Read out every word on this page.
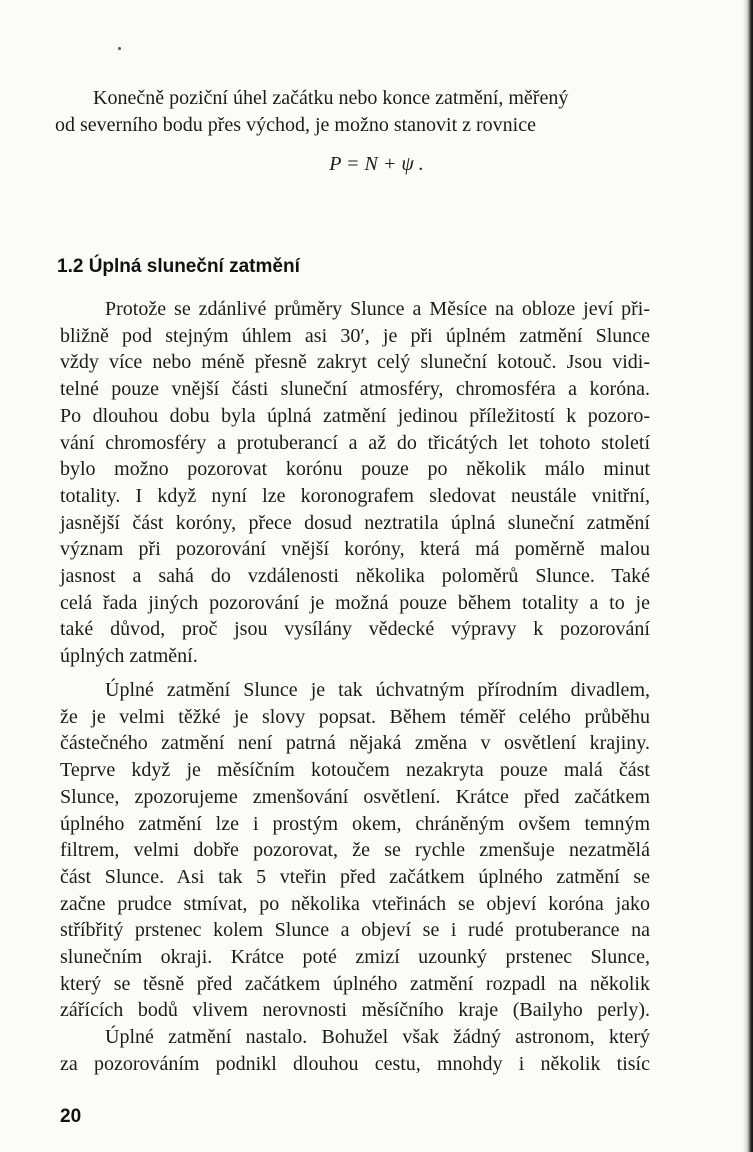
Konečně poziční úhel začátku nebo konce zatmění, měřený
od severního bodu přes východ, je možno stanovit z rovnice
P = N + ψ .
1.2 Úplná sluneční zatmění
Protože se zdánlivé průměry Slunce a Měsíce na obloze jeví při-
bližně pod stejným úhlem asi 30′, je při úplném zatmění Slunce
vždy více nebo méně přesně zakryt celý sluneční kotouč. Jsou vidi-
telné pouze vnější části sluneční atmosféry, chromosféra a koróna.
Po dlouhou dobu byla úplná zatmění jedinou příležitostí k pozoro-
vání chromosféry a protuberancí a až do třicátých let tohoto století
bylo možno pozorovat korónu pouze po několik málo minut
totality. I když nyní lze koronografem sledovat neustále vnitřní,
jasnější část koróny, přece dosud neztratila úplná sluneční zatmění
význam při pozorování vnější koróny, která má poměrně malou
jasnost a sahá do vzdálenosti několika poloměrů Slunce. Také
celá řada jiných pozorování je možná pouze během totality a to je
také důvod, proč jsou vysílány vědecké výpravy k pozorování
úplných zatmění.
Úplné zatmění Slunce je tak úchvatným přírodním divadlem,
že je velmi těžké je slovy popsat. Během téměř celého průběhu
částečného zatmění není patrná nějaká změna v osvětlení krajiny.
Teprve když je měsíčním kotoučem nezakryta pouze malá část
Slunce, zpozorujeme zmenšování osvětlení. Krátce před začátkem
úplného zatmění lze i prostým okem, chráněným ovšem temným
filtrem, velmi dobře pozorovat, že se rychle zmenšuje nezatmělá
část Slunce. Asi tak 5 vteřin před začátkem úplného zatmění se
začne prudce stmívat, po několika vteřinách se objeví koróna jako
stříbřitý prstenec kolem Slunce a objeví se i rudé protuberance na
slunečním okraji. Krátce poté zmizí uzounký prstenec Slunce,
který se těsně před začátkem úplného zatmění rozpadl na několik
zářících bodů vlivem nerovnosti měsíčního kraje (Bailyho perly).
Úplné zatmění nastalo. Bohužel však žádný astronom, který
za pozorováním podnikl dlouhou cestu, mnohdy i několik tisíc
20
